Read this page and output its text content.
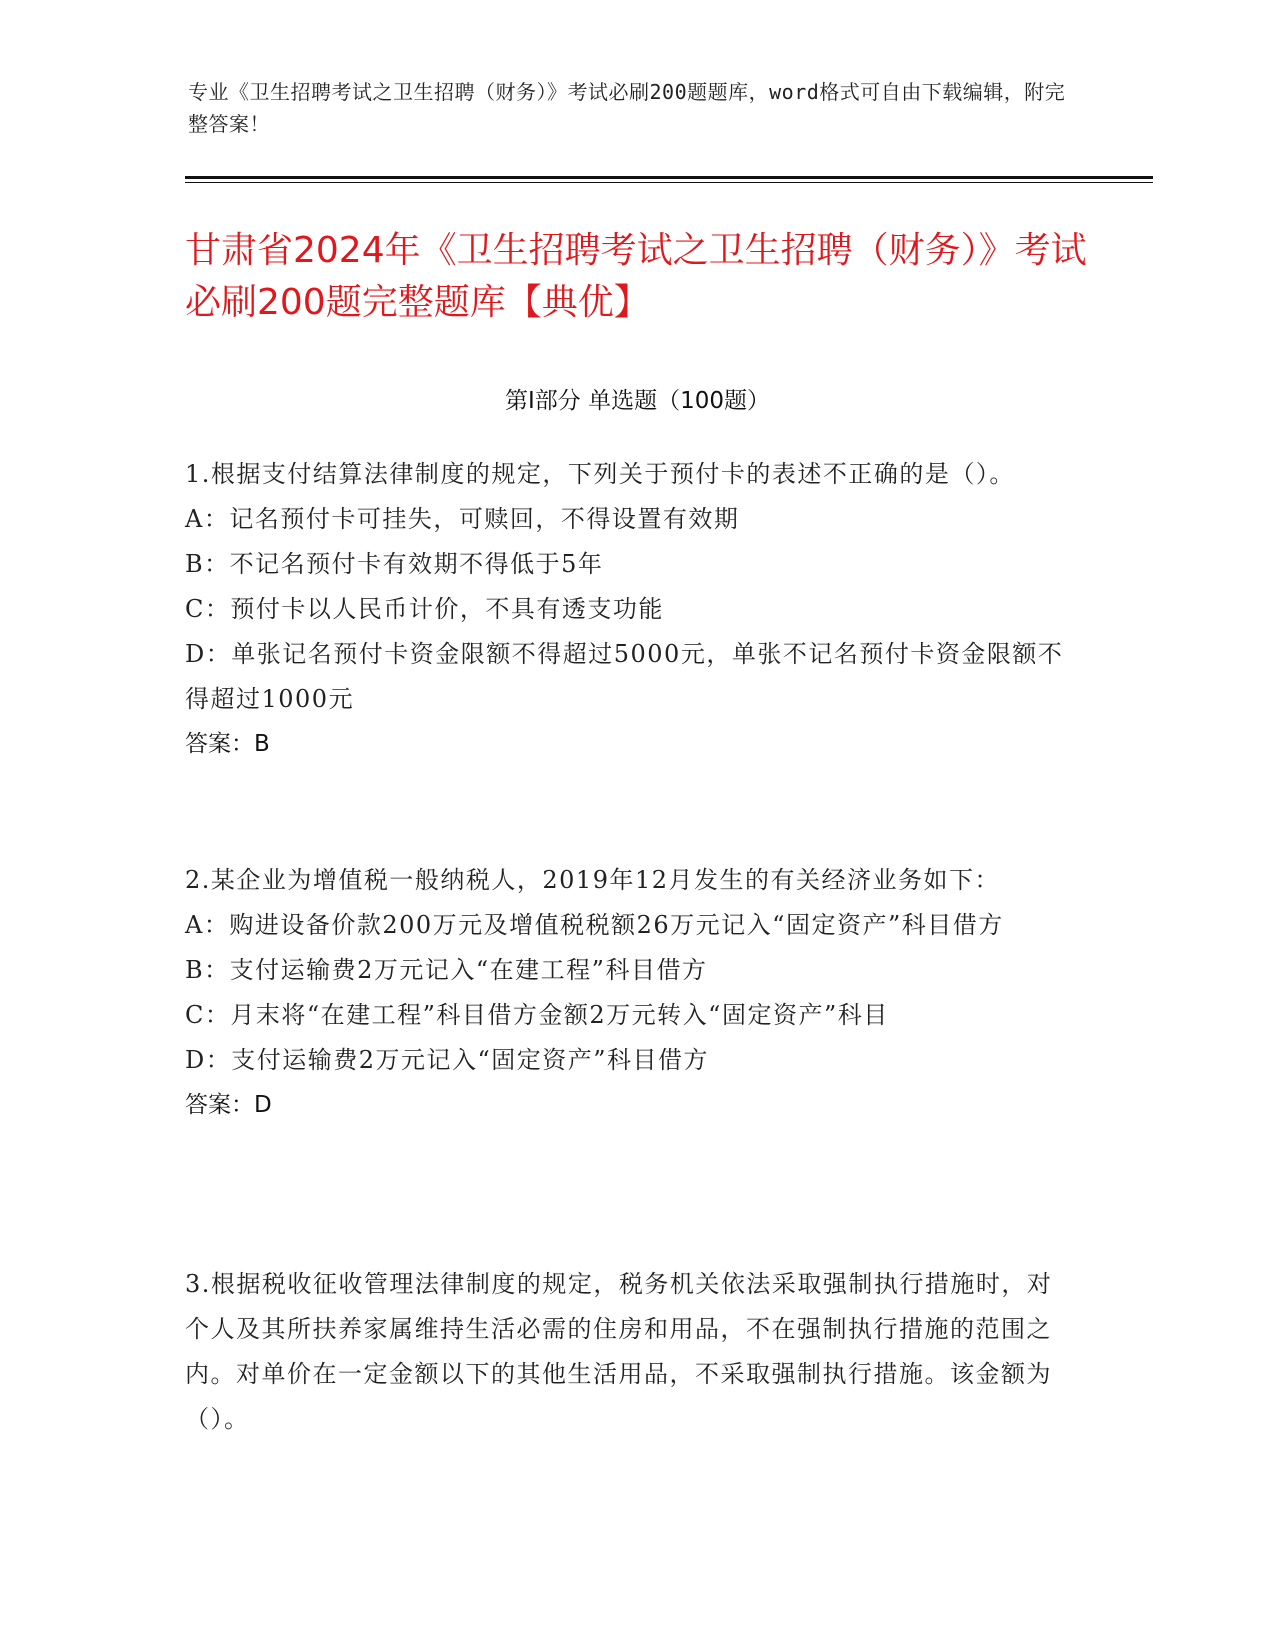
专业《卫生招聘考试之卫生招聘（财务）》考试必刷200题题库，word格式可自由下载编辑，附完整答案！
甘肃省2024年《卫生招聘考试之卫生招聘（财务）》考试必刷200题完整题库【典优】
第Ⅰ部分 单选题（100题）

1.根据支付结算法律制度的规定，下列关于预付卡的表述不正确的是（）。

A：记名预付卡可挂失，可赎回，不得设置有效期

B：不记名预付卡有效期不得低于5年

C：预付卡以人民币计价，不具有透支功能

D：单张记名预付卡资金限额不得超过5000元，单张不记名预付卡资金限额不得超过1000元

答案：B

2.某企业为增值税一般纳税人，2019年12月发生的有关经济业务如下：

A：购进设备价款200万元及增值税税额26万元记入“固定资产”科目借方

B：支付运输费2万元记入“在建工程”科目借方

C：月末将“在建工程”科目借方金额2万元转入“固定资产”科目

D：支付运输费2万元记入“固定资产”科目借方

答案：D

3.根据税收征收管理法律制度的规定，税务机关依法采取强制执行措施时，对个人及其所扶养家属维持生活必需的住房和用品，不在强制执行措施的范围之内。对单价在一定金额以下的其他生活用品，不采取强制执行措施。该金额为（）。
